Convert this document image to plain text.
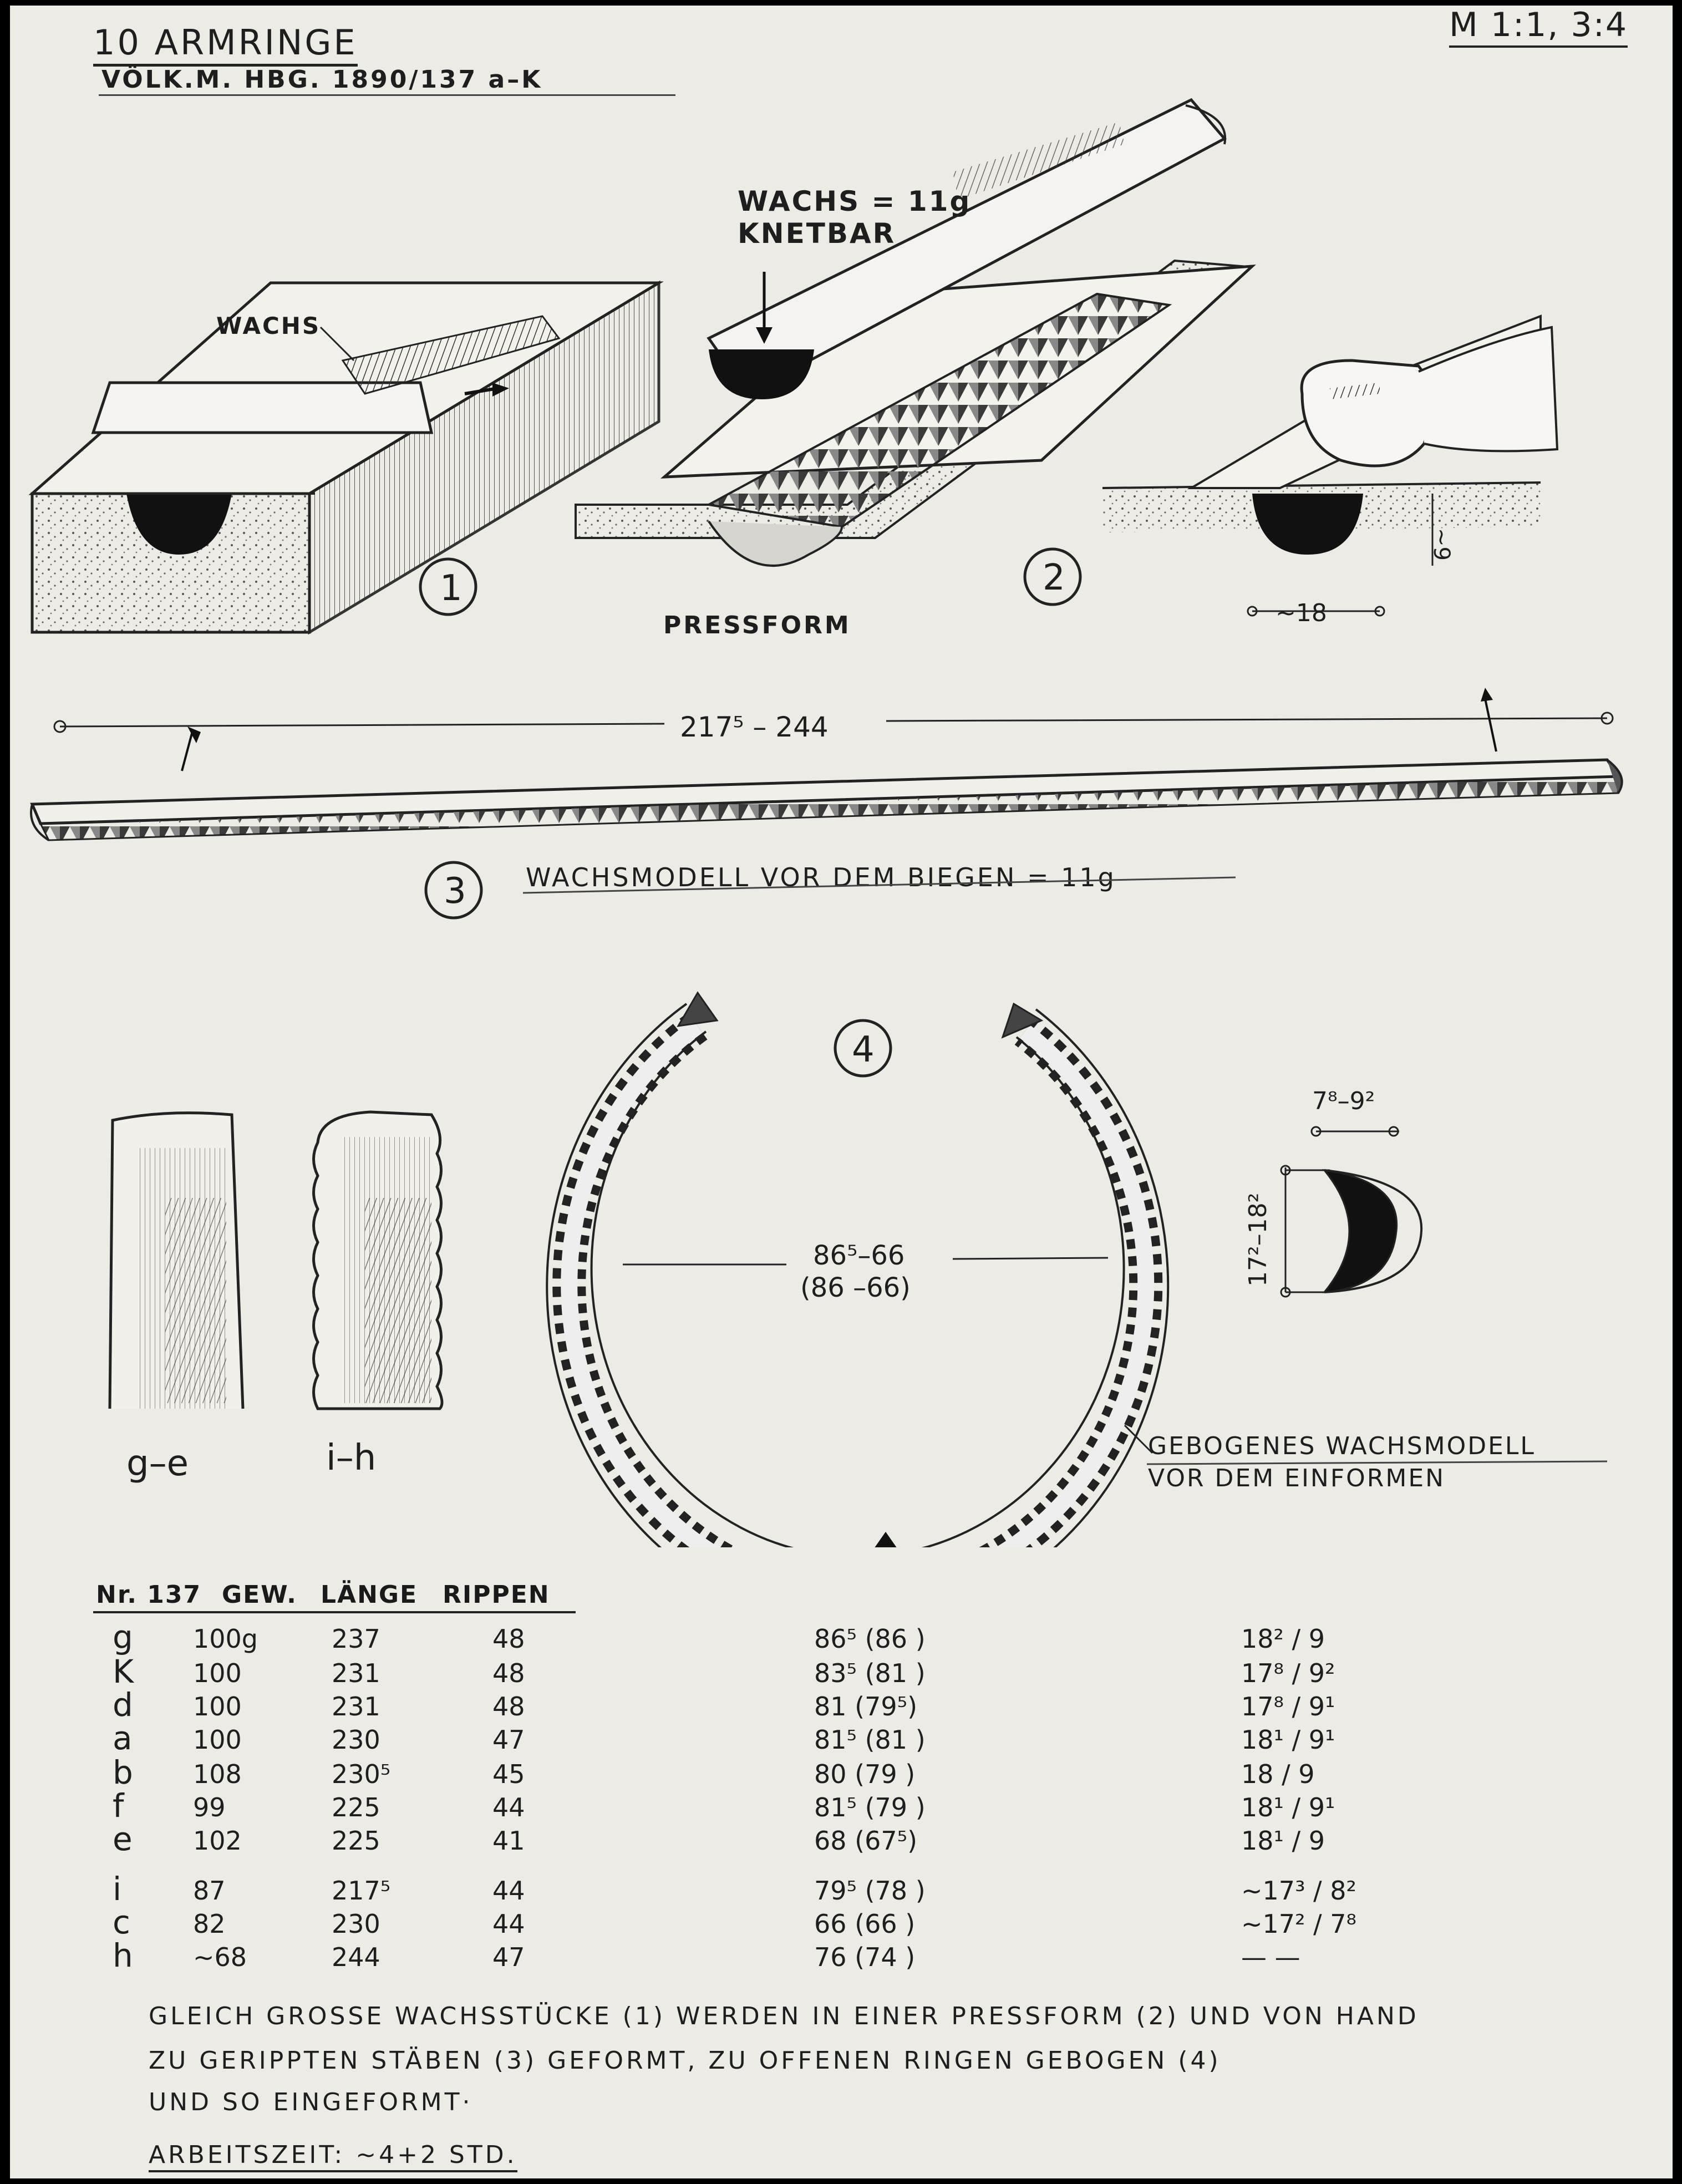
10 ARMRINGE
VÖLK.M. HBG. 1890/137 a–K
M 1:1, 3:4
WACHS
1
WACHS = 11g
KNETBAR
PRESSFORM
2
~9
~18
217⁵ – 244
3 WACHSMODELL VOR DEM BIEGEN = 11g
4
86⁵–66
(86 –66)
GEBOGENES WACHSMODELL
VOR DEM EINFORMEN
7⁸–9²
17²–18²
g–e	i–h
Nr. 137 GEW. LÄNGE RIPPEN
g 100g	237	48	86⁵ (86 )	18² / 9
K 100	231	48	83⁵ (81 )	17⁸ / 9²
d 100	231	48	81 (79⁵)	17⁸ / 9¹
a 100	230	47	81⁵ (81 )	18¹ / 9¹
b 108	230⁵	45	80 (79 )	18 / 9
f	99	225	44	81⁵ (79 )	18¹ / 9¹
e 102	225	41	68 (67⁵)	18¹ / 9
i	87	217⁵	44	79⁵ (78 )	~17³ / 8²
c 82	230	44	66 (66 )	~17² / 7⁸
h ~68	244	47	76 (74 )	— —
GLEICH GROSSE WACHSSTÜCKE (1) WERDEN IN EINER PRESSFORM (2) UND VON HAND
ZU GERIPPTEN STÄBEN (3) GEFORMT, ZU OFFENEN RINGEN GEBOGEN (4)
UND SO EINGEFORMT·
ARBEITSZEIT: ~4+2 STD.
